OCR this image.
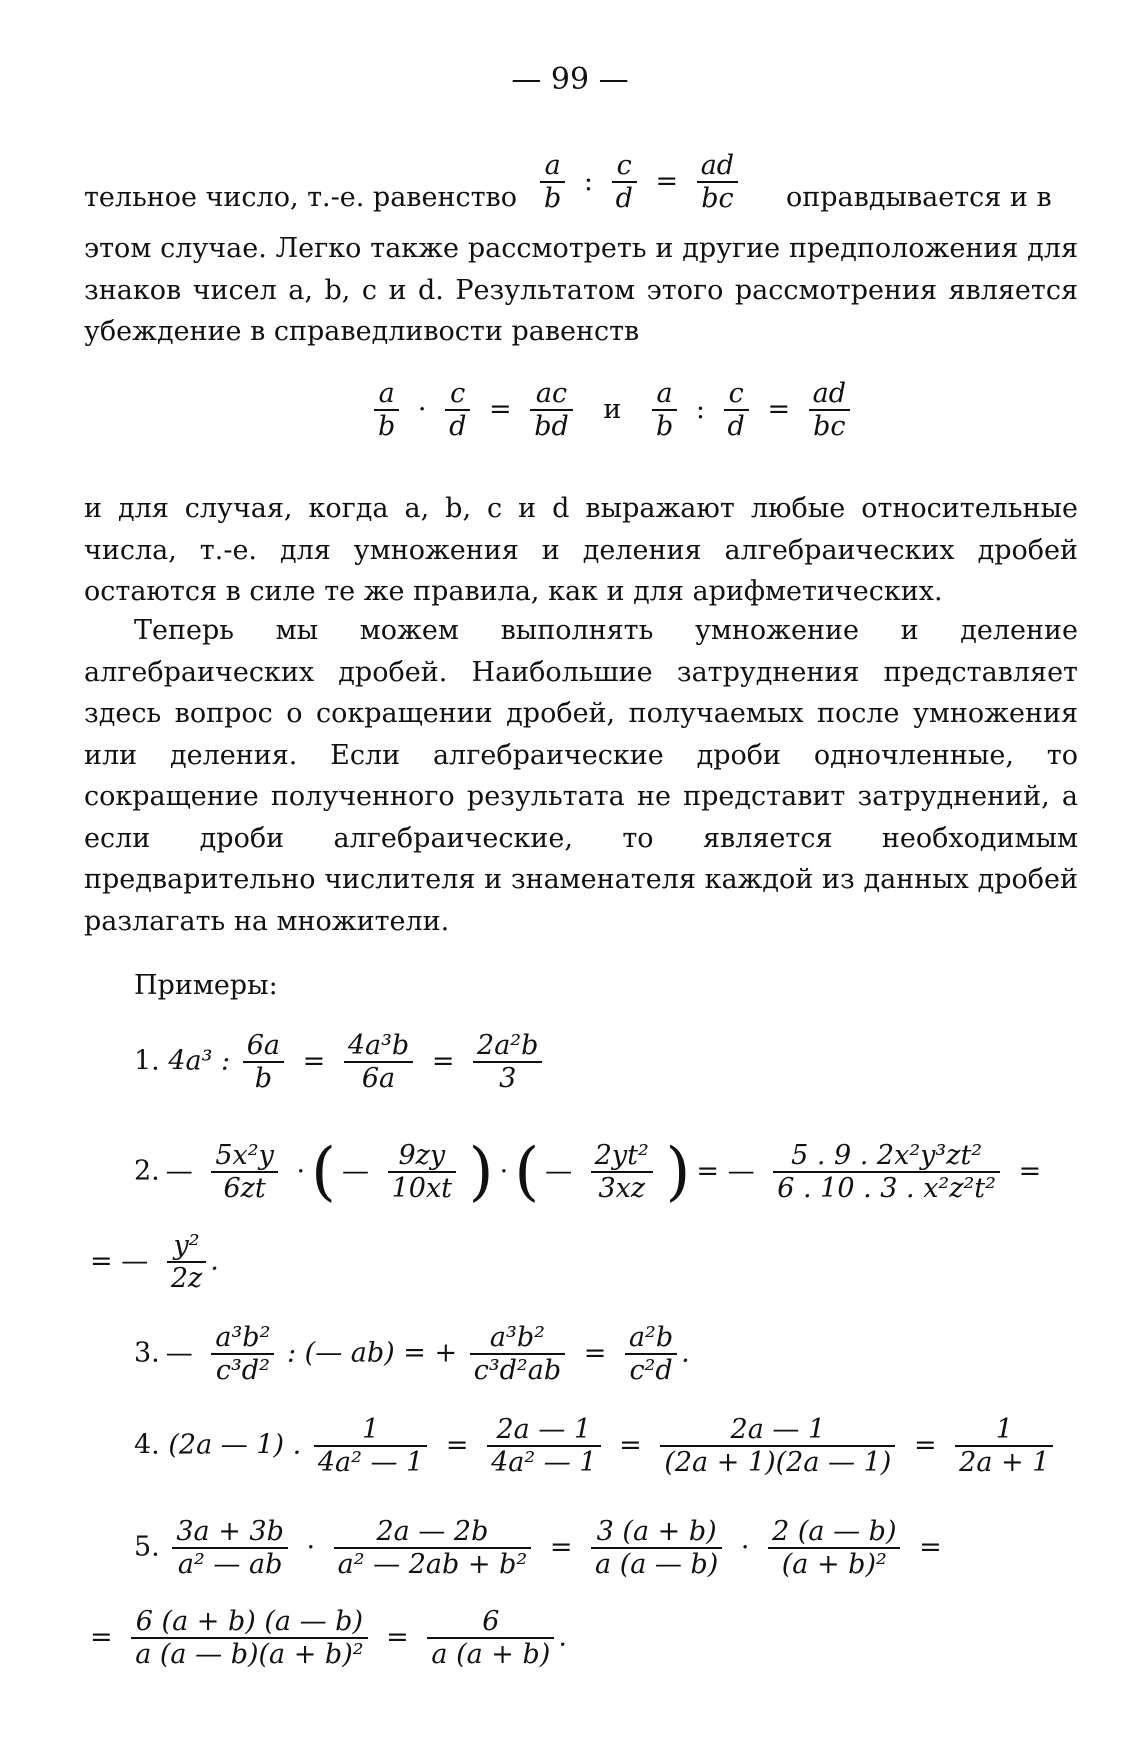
— 99 —
тельное число, т.-е. равенство $\frac{a}{b}$ : $\frac{c}{d} = \frac{ad}{bc}$ оправдывается и в
этом случае. Легко также рассмотреть и другие предположения для знаков чисел a, b, c и d. Результатом этого рассмотрения является убеждение в справедливости равенств
$\frac{a}{b} \cdot \frac{c}{d} = \frac{ac}{bd}$ и $\frac{a}{b}$ : $\frac{c}{d} = \frac{ad}{bc}$
и для случая, когда a, b, c и d выражают любые относительные числа, т.-е. для умножения и деления алгебраических дробей остаются в силе те же правила, как и для арифметических.
Теперь мы можем выполнять умножение и деление алгебраических дробей. Наибольшие затруднения представляет здесь вопрос о сокращении дробей, получаемых после умножения или деления. Если алгебраические дроби одночленные, то сокращение полученного результата не представит затруднений, а если дроби алгебраические, то является необходимым предварительно числителя и знаменателя каждой из данных дробей разлагать на множители.
Примеры:
1. 4a³ : $\frac{6a}{b} = \frac{\text{4a³b}}{6a} = \frac{\text{2a²b}}{3}$
2. — $\frac{\text{5x²y}}{6zt}$ ·( — $\frac{9zy}{10xt}$ ) ·( — $\frac{\text{2yt²}}{3xz}$ ) = — $\frac{\text{5 . 9 . 2x²y³zt²}}{\text{6 . 10 . 3 . x²z²t²}}$ =
= — $\frac{\text{y²}}{2z}$ .
3. — $\frac{\text{a³b²}}{\text{c³d²}}$ : (— ab) = + $\frac{\text{a³b²}}{\text{c³d²ab}} = \frac{\text{a²b}}{\text{c²d}}$ .
4. (2a — 1) . $\frac{1}{\text{4a² — 1}} = \frac{2a — 1}{\text{4a² — 1}} = \frac{2a — 1}{(2a + 1)(2a — 1)} = \frac{1}{2a + 1}$
5. $\frac{3a + 3b}{\text{a² — ab}} \cdot \frac{2a — 2b}{\text{a² — 2ab + b²}} = \frac{3 (a + b)}{a (a — b)} \cdot \frac{2 (a — b)}{\text{(a + b)²}}$ =
= $\frac{6 (a + b) (a — b)}{\text{a (a — b)(a + b)²}} = \frac{6}{a (a + b)}$ .
